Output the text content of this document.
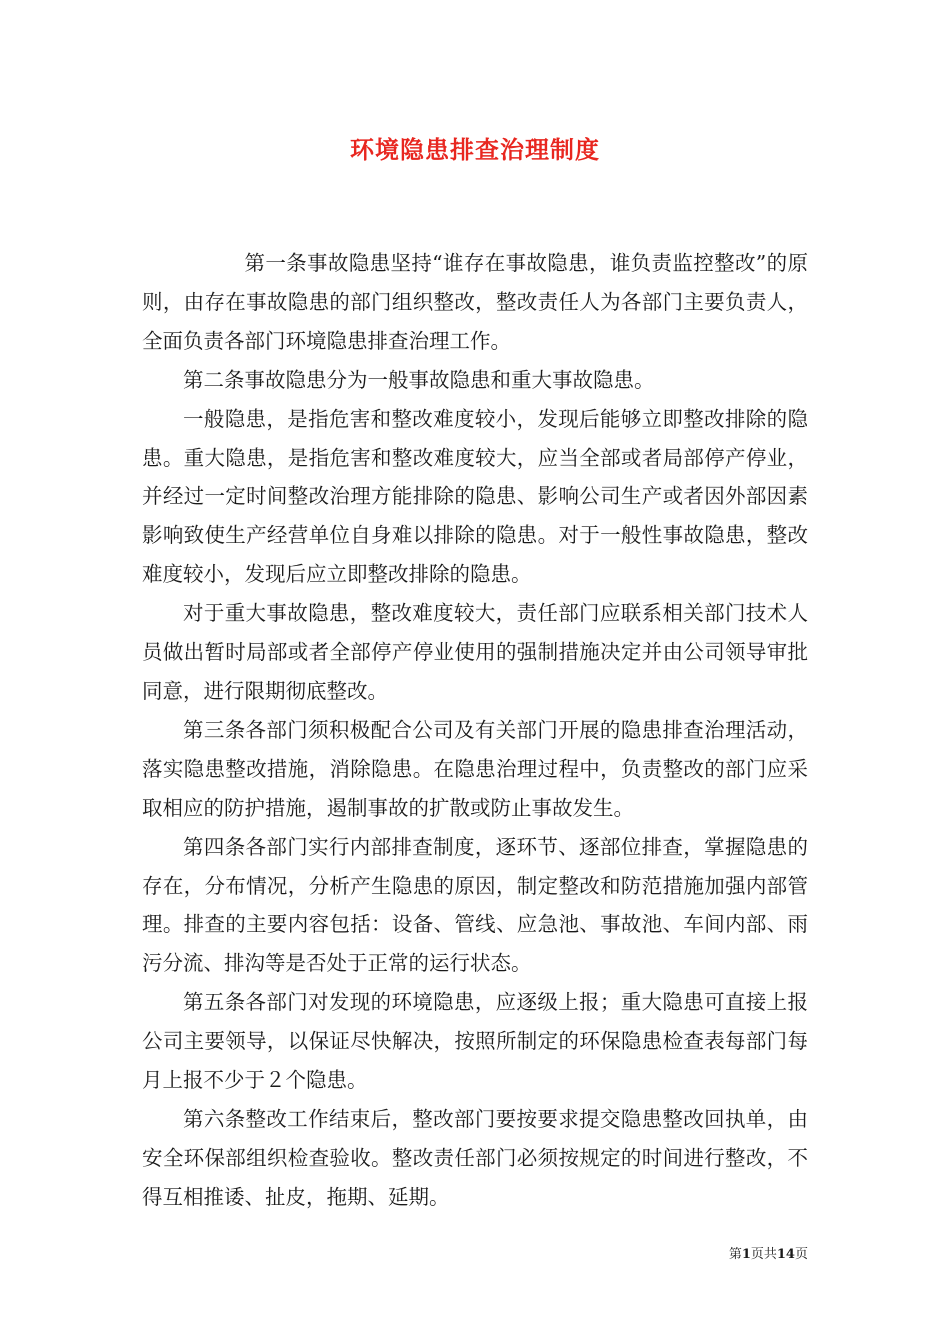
环境隐患排查治理制度

第一条事故隐患坚持“谁存在事故隐患，谁负责监控整改”的原则，由存在事故隐患的部门组织整改，整改责任人为各部门主要负责人，全面负责各部门环境隐患排查治理工作。

第二条事故隐患分为一般事故隐患和重大事故隐患。

一般隐患，是指危害和整改难度较小，发现后能够立即整改排除的隐患。重大隐患，是指危害和整改难度较大，应当全部或者局部停产停业，并经过一定时间整改治理方能排除的隐患、影响公司生产或者因外部因素影响致使生产经营单位自身难以排除的隐患。对于一般性事故隐患，整改难度较小，发现后应立即整改排除的隐患。

对于重大事故隐患，整改难度较大，责任部门应联系相关部门技术人员做出暂时局部或者全部停产停业使用的强制措施决定并由公司领导审批同意，进行限期彻底整改。

第三条各部门须积极配合公司及有关部门开展的隐患排查治理活动，落实隐患整改措施，消除隐患。在隐患治理过程中，负责整改的部门应采取相应的防护措施，遏制事故的扩散或防止事故发生。

第四条各部门实行内部排查制度，逐环节、逐部位排查，掌握隐患的存在，分布情况，分析产生隐患的原因，制定整改和防范措施加强内部管理。排查的主要内容包括：设备、管线、应急池、事故池、车间内部、雨污分流、排沟等是否处于正常的运行状态。

第五条各部门对发现的环境隐患，应逐级上报；重大隐患可直接上报公司主要领导，以保证尽快解决，按照所制定的环保隐患检查表每部门每月上报不少于２个隐患。

第六条整改工作结束后，整改部门要按要求提交隐患整改回执单，由安全环保部组织检查验收。整改责任部门必须按规定的时间进行整改，不得互相推诿、扯皮，拖期、延期。

第1页共14页
